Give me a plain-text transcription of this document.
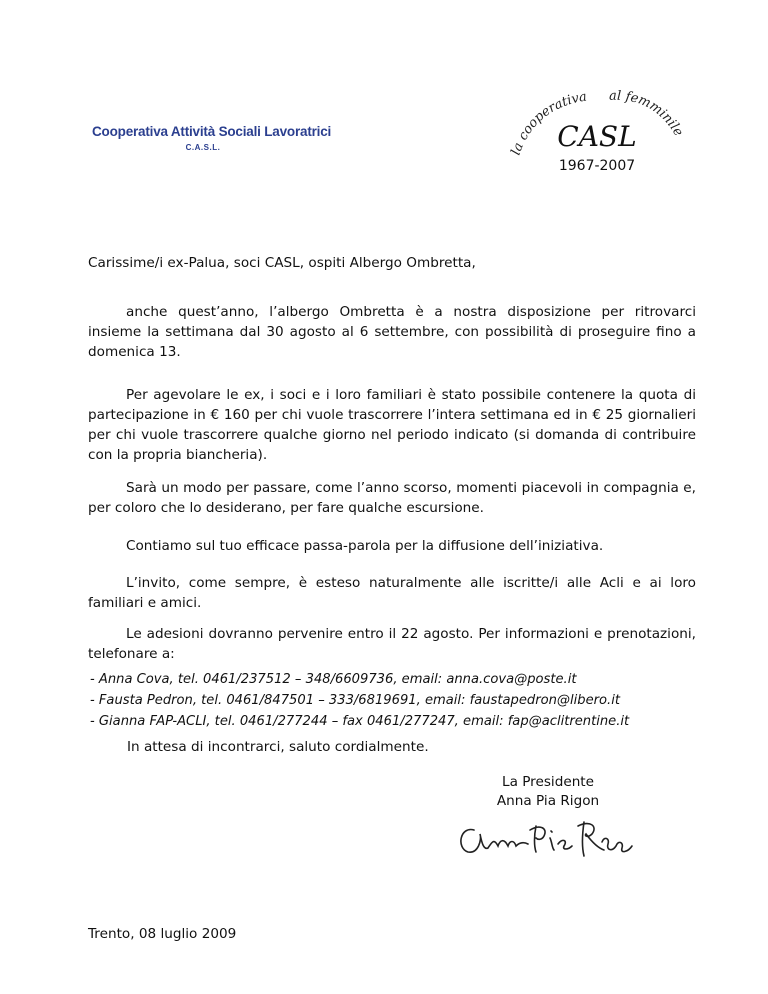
Cooperativa Attività Sociali Lavoratrici
C.A.S.L.
la cooperativa al femminile
CASL
1967-2007
Carissime/i ex-Palua, soci CASL, ospiti Albergo Ombretta,

anche quest’anno, l’albergo Ombretta è a nostra disposizione per ritrovarci insieme la settimana dal 30 agosto al 6 settembre, con possibilità di proseguire fino a domenica 13.

Per agevolare le ex, i soci e i loro familiari è stato possibile contenere la quota di partecipazione in € 160 per chi vuole trascorrere l’intera settimana ed in € 25 giornalieri per chi vuole trascorrere qualche giorno nel periodo indicato (si domanda di contribuire con la propria biancheria).

Sarà un modo per passare, come l’anno scorso, momenti piacevoli in compagnia e, per coloro che lo desiderano, per fare qualche escursione.

Contiamo sul tuo efficace passa-parola per la diffusione dell’iniziativa.

L’invito, come sempre, è esteso naturalmente alle iscritte/i alle Acli e ai loro familiari e amici.

Le adesioni dovranno pervenire entro il 22 agosto. Per informazioni e prenotazioni, telefonare a:

- Anna Cova, tel. 0461/237512 – 348/6609736, email: anna.cova@poste.it
- Fausta Pedron, tel. 0461/847501 – 333/6819691, email: faustapedron@libero.it
- Gianna FAP-ACLI, tel. 0461/277244 – fax 0461/277247, email: fap@aclitrentine.it
In attesa di incontrarci, saluto cordialmente.
La Presidente
Anna Pia Rigon
Trento, 08 luglio 2009
